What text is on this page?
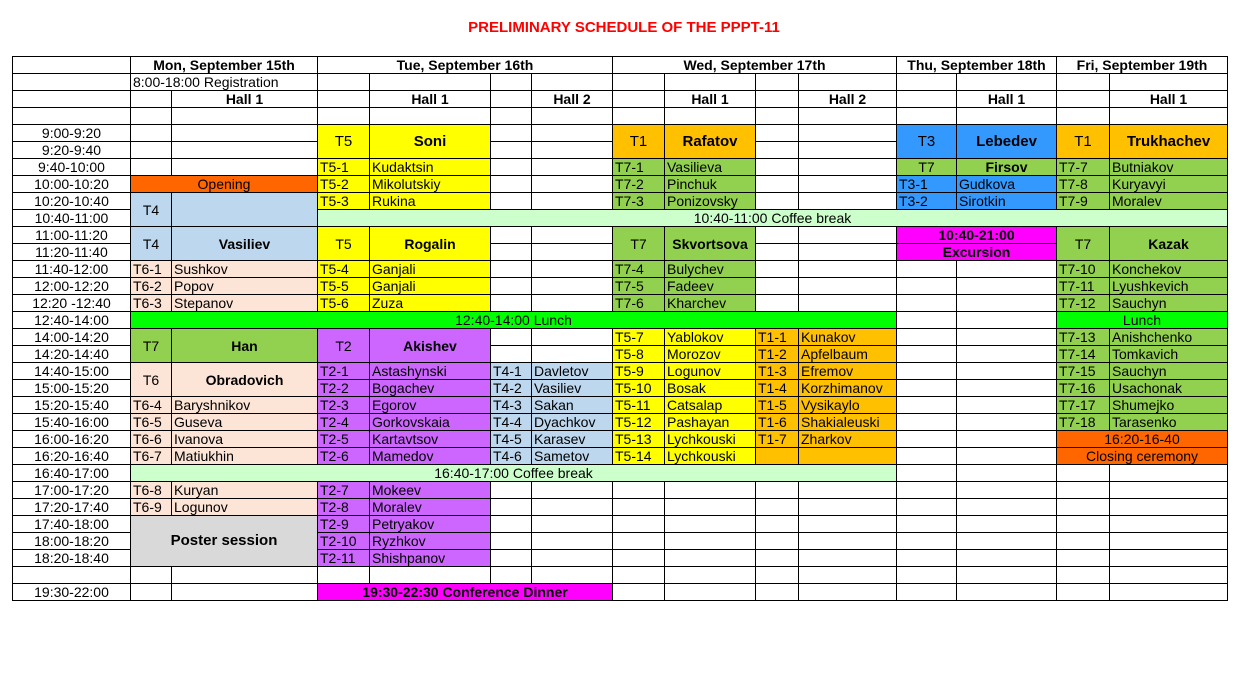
PRELIMINARY SCHEDULE OF THE PPPT-11
	Mon, September 15th		Tue, September 16th				Wed, September 17th				Thu, September 18th		Fri, September 19th	
	8:00-18:00 Registration													
		Hall 1		Hall 1		Hall 2		Hall 1		Hall 2		Hall 1		Hall 1

9:00-9:20			T5	Soni			T1	Rafatov			T3	Lebedev	T1	Trukhachev
9:20-9:40														
9:40-10:00			T5-1	Kudaktsin			T7-1	Vasilieva			T7	Firsov	T7-7	Butniakov
10:00-10:20	Opening		T5-2	Mikolutskiy			T7-2	Pinchuk			T3-1	Gudkova	T7-8	Kuryavyi
10:20-10:40	T4		T5-3	Rukina			T7-3	Ponizovsky			T3-2	Sirotkin	T7-9	Moralev
10:40-11:00			10:40-11:00 Coffee break											
11:00-11:20	T4	Vasiliev	T5	Rogalin			T7	Skvortsova			10:40-21:00		T7	Kazak
11:20-11:40											Excursion			
11:40-12:00	T6-1	Sushkov	T5-4	Ganjali			T7-4	Bulychev					T7-10	Konchekov
12:00-12:20	T6-2	Popov	T5-5	Ganjali			T7-5	Fadeev					T7-11	Lyushkevich
12:20 -12:40	T6-3	Stepanov	T5-6	Zuza			T7-6	Kharchev					T7-12	Sauchyn
12:40-14:00	12:40-14:00 Lunch												Lunch	
14:00-14:20	T7	Han	T2	Akishev			T5-7	Yablokov	T1-1	Kunakov			T7-13	Anishchenko
14:20-14:40							T5-8	Morozov	T1-2	Apfelbaum			T7-14	Tomkavich
14:40-15:00	T6	Obradovich	T2-1	Astashynski	T4-1	Davletov	T5-9	Logunov	T1-3	Efremov			T7-15	Sauchyn
15:00-15:20			T2-2	Bogachev	T4-2	Vasiliev	T5-10	Bosak	T1-4	Korzhimanov			T7-16	Usachonak
15:20-15:40	T6-4	Baryshnikov	T2-3	Egorov	T4-3	Sakan	T5-11	Catsalap	T1-5	Vysikaylo			T7-17	Shumejko
15:40-16:00	T6-5	Guseva	T2-4	Gorkovskaia	T4-4	Dyachkov	T5-12	Pashayan	T1-6	Shakialeuski			T7-18	Tarasenko
16:00-16:20	T6-6	Ivanova	T2-5	Kartavtsov	T4-5	Karasev	T5-13	Lychkouski	T1-7	Zharkov			16:20-16-40	
16:20-16:40	T6-7	Matiukhin	T2-6	Mamedov	T4-6	Sametov	T5-14	Lychkouski					Closing ceremony	
16:40-17:00	16:40-17:00 Coffee break													
17:00-17:20	T6-8	Kuryan	T2-7	Mokeev										
17:20-17:40	T6-9	Logunov	T2-8	Moralev										
17:40-18:00	Poster session		T2-9	Petryakov										
18:00-18:20			T2-10	Ryzhkov										
18:20-18:40			T2-11	Shishpanov										

19:30-22:00			19:30-22:30 Conference Dinner											
